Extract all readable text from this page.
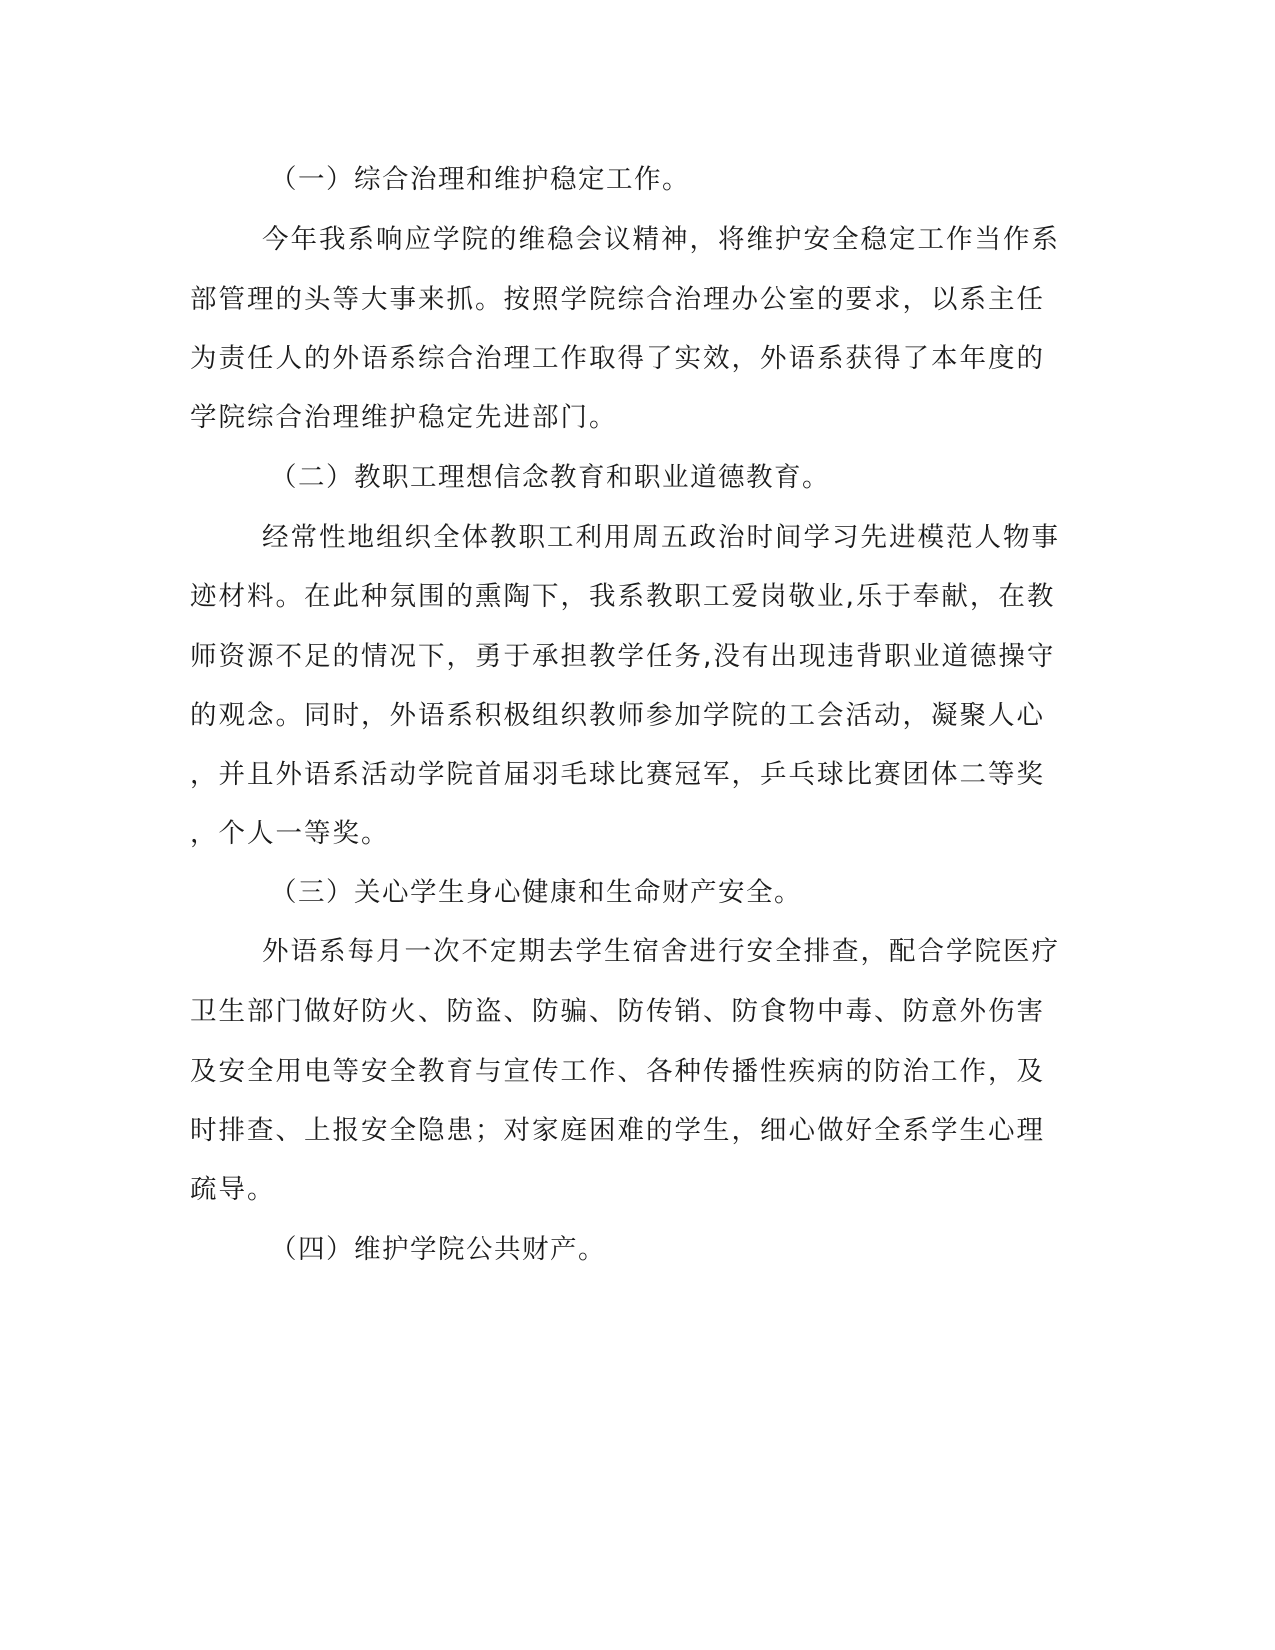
（一）综合治理和维护稳定工作。

今年我系响应学院的维稳会议精神，将维护安全稳定工作当作系

部管理的头等大事来抓。按照学院综合治理办公室的要求，以系主任

为责任人的外语系综合治理工作取得了实效，外语系获得了本年度的

学院综合治理维护稳定先进部门。

（二）教职工理想信念教育和职业道德教育。

经常性地组织全体教职工利用周五政治时间学习先进模范人物事

迹材料。在此种氛围的熏陶下，我系教职工爱岗敬业,乐于奉献，在教

师资源不足的情况下，勇于承担教学任务,没有出现违背职业道德操守

的观念。同时，外语系积极组织教师参加学院的工会活动，凝聚人心

，并且外语系活动学院首届羽毛球比赛冠军，乒乓球比赛团体二等奖

，个人一等奖。

（三）关心学生身心健康和生命财产安全。

外语系每月一次不定期去学生宿舍进行安全排查，配合学院医疗

卫生部门做好防火、防盗、防骗、防传销、防食物中毒、防意外伤害

及安全用电等安全教育与宣传工作、各种传播性疾病的防治工作，及

时排查、上报安全隐患；对家庭困难的学生，细心做好全系学生心理

疏导。

（四）维护学院公共财产。
